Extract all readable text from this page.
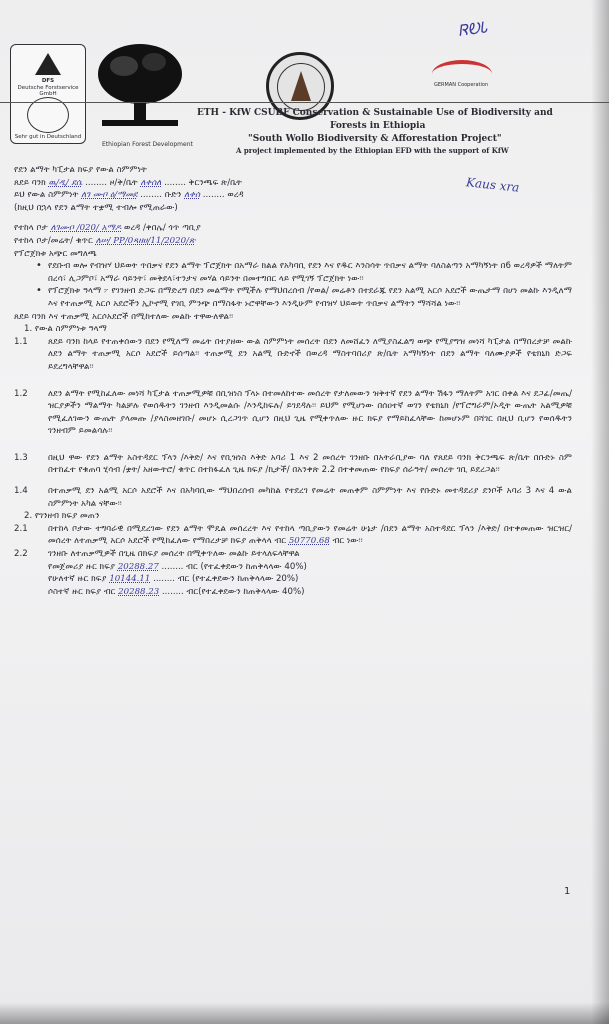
ᏒᎧᏓ
DFS
Deutsche Forstservice GmbH
Sehr gut in Deutschland
Ethiopian Forest Development
GERMAN Cooperation
ETH - KfW CSUBF Conservation & Sustainable Use of Biodiversity and
Forests in Ethiopia
"South Wollo Biodiversity & Afforestation Project"
A project implemented by the Ethiopian EFD with the support of KfW
Kaus xra

የደን ልማት ካፒታል ክፍያ የውል ስምምነት

ጸደይ ባንክ ዉ/ዲ/ ደሴ ........ ዞ/ቅ/ቤት ለቀሰለ ........ ቅርንጫፍ ጽ/ቤት

ይህ የውል ስምምነት ለገ ሙቦ ዕ/ማመደ ........ ቡድን ለቀሰ ........ ወረዳ

(ከዚህ በኋላ የደን ልማት ተቋሚ ተብሎ የሚጠራው)

የተከላ ቦታ ለገሙቦ /020/ አማዶ ወረዳ /ቀበሌ/ ጎጥ ጣቢያ

የተከላ ቦታ/መሬት/ ቁጥር ለሠ/ PP/0ጻዘሀ/11/2020/ጽ

የፕሮጀክቱ አጭር መግለጫ

• የደቡብ ወሎ የብዝሃ ህይወት ጥበቃና የደን ልማት ፕሮጀክት በአማራ ክልል የአካባቢ የደን እና የዱር እንስሳት ጥበቃና ልማት ባለስልጣን አማካኝነት በ6 ወረዳዎች ማለትም በረሳ፣ ሊጋምቦ፣ አማራ ሳይንት፣ መቅደላ፣ተንታና መሃል ሳይንት በመተግበር ላይ የሚገኝ ፕሮጀክት ነው፡፡

• የፕሮጀክቱ ዓላማ ፦ የገንዘብ ድጋፍ በማድረግ በደን መልማት የሚችሉ የማህበረሰብ /የወል/ መሬቶን በተደራጁ የደን አልሚ አርሶ አደሮች ውጤታማ በሆነ መልኩ እንዲለማ እና የተጠቃሚ አርሶ አደሮችን ኢኮኖሚ የገቢ ምንጭ በማስፋት ኑሮዋቸውን እንዲሁም የብዝሃ ህይወት ጥበቃና ልማትን ማሻሻል ነው፡፡

ጸደይ ባንክ እና ተጠቃሚ አርሶአደሮች በሚከተለው መልኩ ተዋውለዋል፡፡

1. የውል ስምምነቱ ዓላማ

1.1 ጸደይ ባንክ ከላይ የተጠቀሰውን በደን የሚለማ መሬት በተያዘው ውል ስምምነት መሰረት በደን ለመሸፈን ለሚያስፈልግ ወጭ የሚያግዝ መነሻ ካፒታል በማበረታቻ መልኩ ለደን ልማት ተጠቃሚ አርሶ አደሮች ይሰጣል፡፡ ተጠቃሚ ደን አልሚ ቡድኖች በወረዳ ማስተባበሪያ ጽ/ቤት አማካኝነት በደን ልማት ባለሙያዎች የቴክኒክ ድጋፍ ይደረግላቸዋል፡፡

1.2 ለደን ልማት የሚከፈለው መነሻ ካፒታል ተጠቃሚዎቹ በቢዝነስ ፕላኑ በተመለከተው መሰረት የታለመውን ዝቅተኛ የደን ልማት ሽፋን ማለትም አገር በቀል እና ደጋፊ/መጤ/ ዝርያዎችን ማልማት ካልቻሉ የወሰዱትን ገንዘብ እንዲመልሱ /እንዲከፍሉ/ ይገደዳሉ፡፡ ይህም የሚሆነው በሰዐተኛ ወገን የቴክኒክ /የፕሮግራም/ኦዲት ውጤት አልሚዎቹ የሚፈለገውን ውጤት ያላመጡ /ያላስመዘገቡ/ መሆኑ ሲረጋገጥ ሲሆን በዚህ ጊዜ የሚቀጥለው ዙር ክፍያ የማይከፈላቸው ከመሆኑም በሻገር በዚህ ቢሆን የወሰዱትን ገንዘብም ይመልሳሉ፡፡

1.3 በዚህ ዋው የደን ልማት አስተዳደር ፕላን /እቅድ/ እና የቢዝነስ እቅድ አባሪ 1 እና 2 መሰረት ገንዘቡ በአትራቢያው ባለ የጸደይ ባንክ ቅርንጫፍ ጽ/ቤት በቡድኑ ስም በተከፈተ የቁጠባ ሂሳብ /ቋት/ አዘውትሮ/ ቁጥር በተከፋፈለ ጊዜ ክፍያ /ኪታች/ በአንቀጽ 2.2 በተቀመጠው የክፍያ ሰራዓት/ መሰረት ገቢ ይደረጋል፡፡

1.4 በተጠቃሚ ደን አልሚ አርሶ አደሮች እና በአካባቢው ማህበረሰብ መካከል የተደረገ የመሬት መጠቀም ስምምነት እና የቡድኑ መተዳደሪያ ደንቦች አባሪ 3 እና 4 ውል ስምምነት አካል ናቸው፡፡

2. የገንዘብ ክፍያ መጠን

2.1 በተከላ ቦታው ተግባራዊ በሚደረገው የደን ልማት ሞዴል መሰረረት እና የተከላ ጣቢያውን የመሬት ሁኔታ /በደን ልማት አስተዳደር ፕላን /እቅድ/ በተቀመጠው ዝርዝር/ መሰረት ለተጠቃሚ አርሶ አደሮች የሚከፈለው የማበረታቻ ክፍያ ጠቅላላ ብር 50770.68 ብር ነው፡፡

2.2 ገንዘቡ ለተጠቃሚዎች በጊዜ በክፍያ መሰረት በሚቀጥለው መልኩ ይተላለፍላቸዋል

የመጀመሪያ ዙር ክፍያ 20288.27 ........ ብር (የተፈቀደውን ከጠቅላላው 40%)

የሁለተኛ ዙር ክፍያ 10144.11 ........ ብር (የተፈቀደውን ከጠቅላላው 20%)

ሶስተኛ ዙር ክፍያ ብር 20288.23 ........ ብር(የተፈቀደውን ከጠቅላላው 40%)

1
